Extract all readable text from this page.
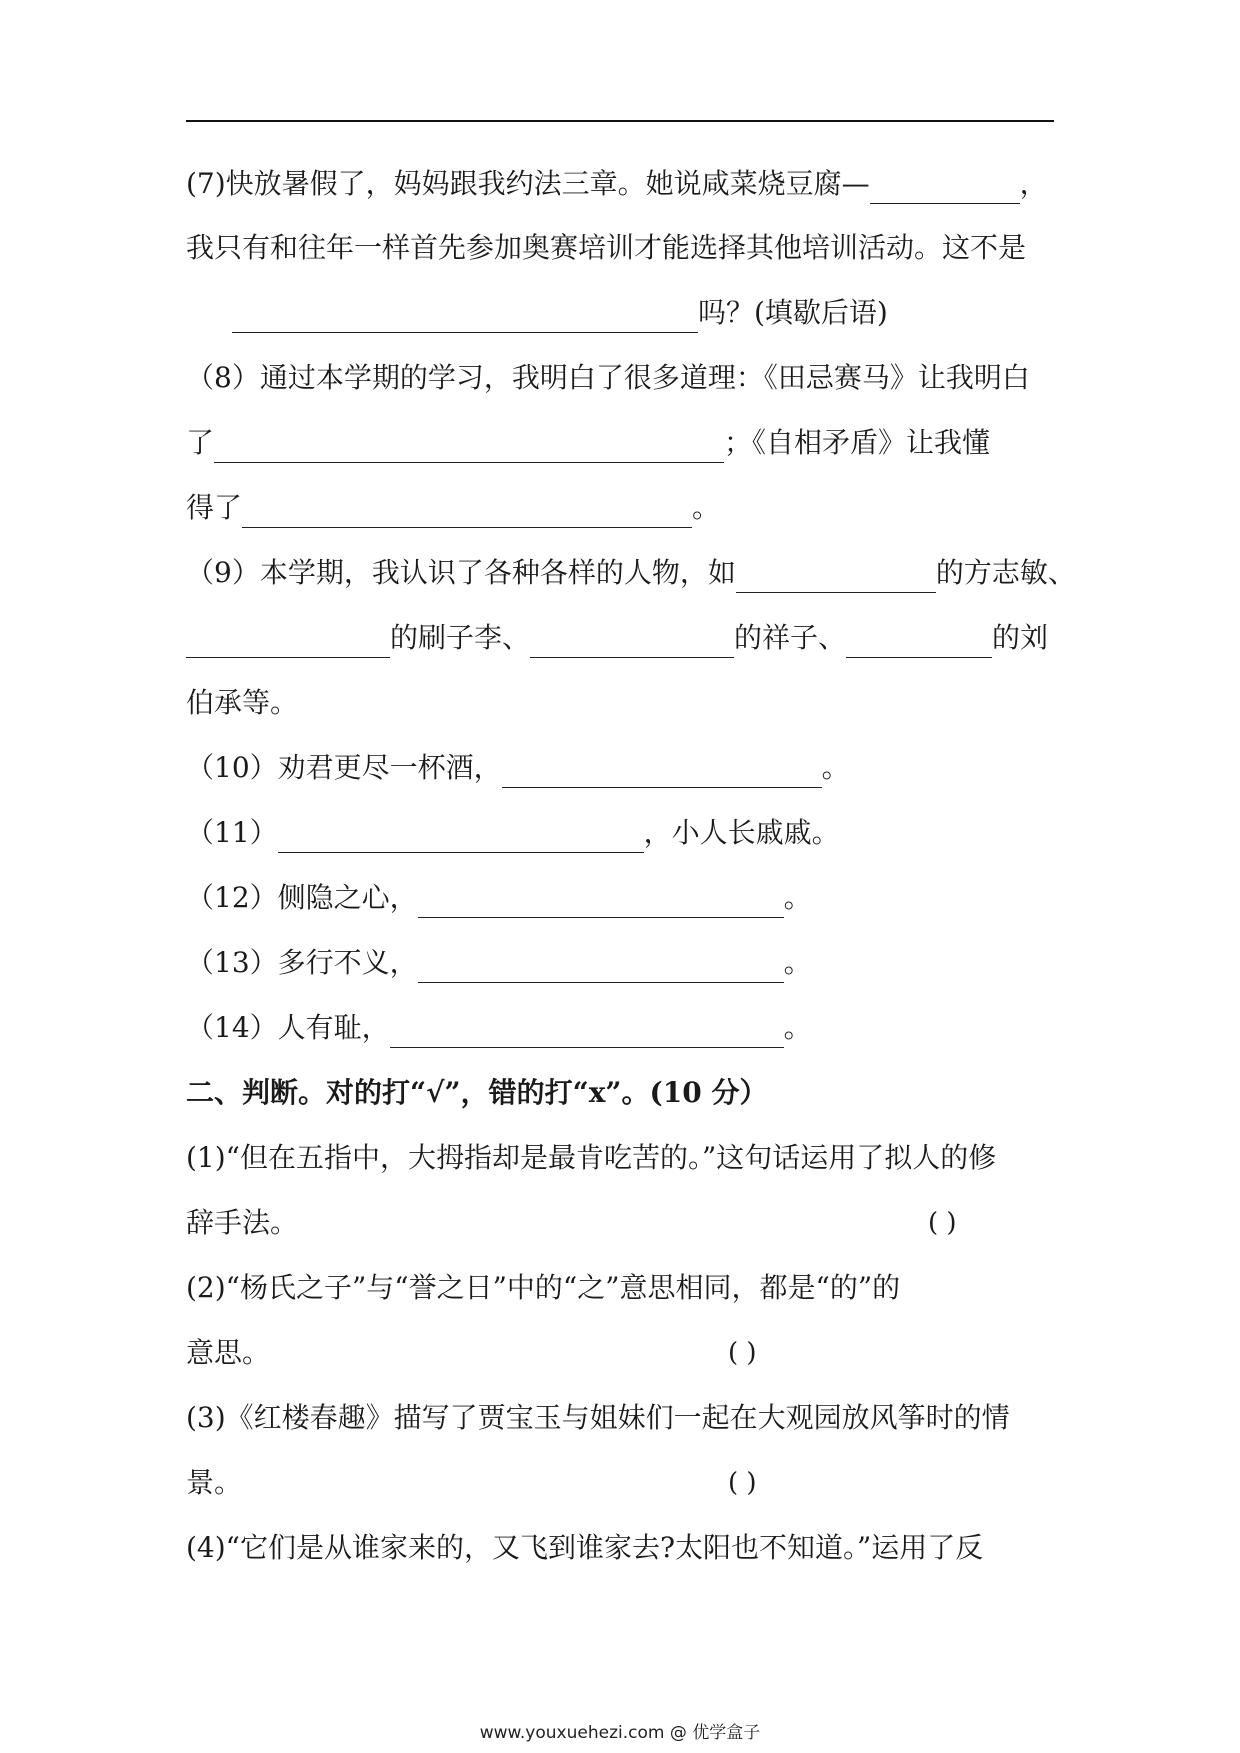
(7)快放暑假了，妈妈跟我约法三章。她说咸菜烧豆腐—	，
我只有和往年一样首先参加奥赛培训才能选择其他培训活动。这不是
吗？(填歇后语)
（8）通过本学期的学习，我明白了很多道理：《田忌赛马》让我明白
了	；《自相矛盾》让我懂
得了	。
（9）本学期，我认识了各种各样的人物，如	的方志敏、
的刷子李、	的祥子、	的刘
伯承等。
（10）劝君更尽一杯酒，	。
（11）	，小人长戚戚。
（12）侧隐之心，	。
（13）多行不义，	。
（14）人有耻，	。
二、判断。对的打“√”，错的打“x”。(10 分）
(1)“但在五指中，大拇指却是最肯吃苦的。”这句话运用了拟人的修
辞手法。	( )
(2)“杨氏之子”与“誉之日”中的“之”意思相同，都是“的”的
意思。	( )
(3)《红楼春趣》描写了贾宝玉与姐妹们一起在大观园放风筝时的情
景。	( )
(4)“它们是从谁家来的，又飞到谁家去?太阳也不知道。”运用了反
www.youxuehezi.com @ 优学盒子
